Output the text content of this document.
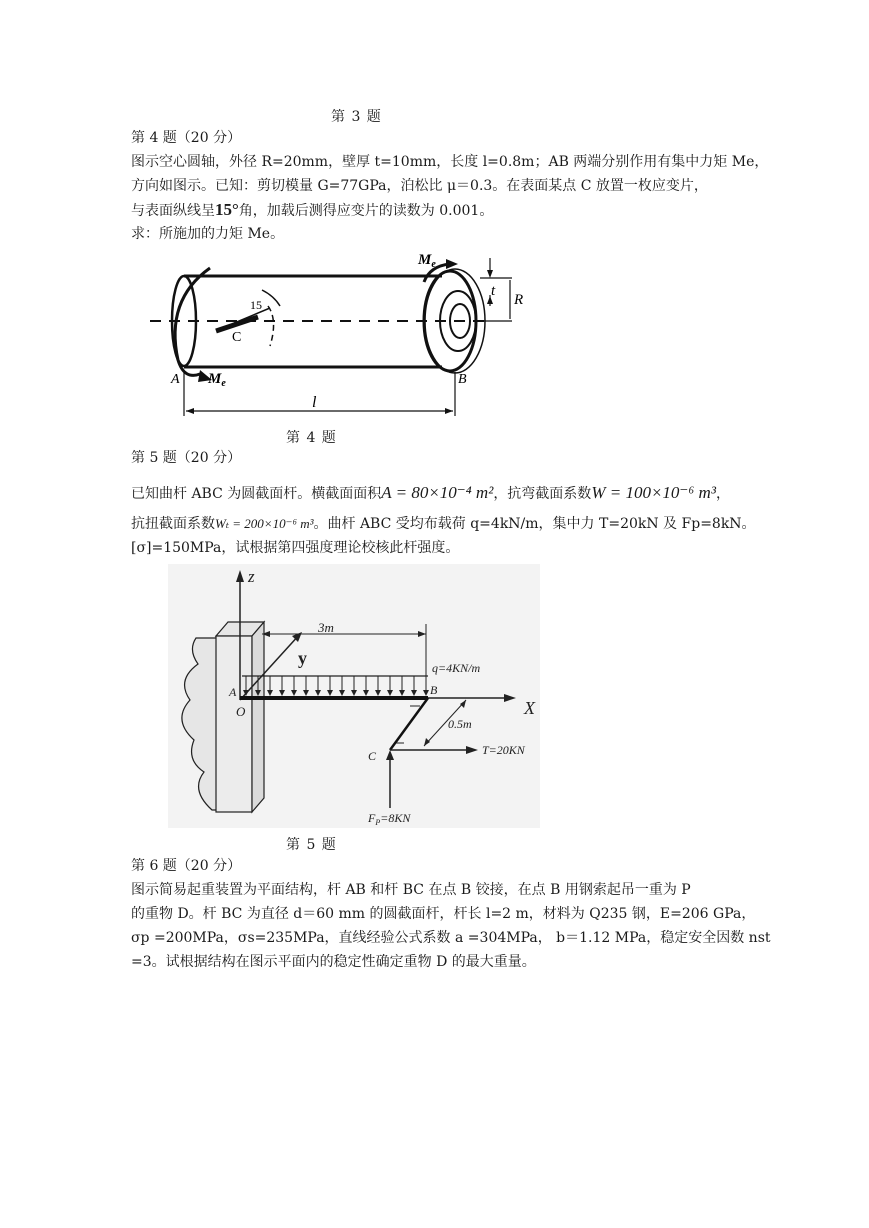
第 3 题
第 4 题（20 分）
图示空心圆轴，外径 R=20mm，壁厚 t=10mm，长度 l=0.8m；AB 两端分别作用有集中力矩 Me，
方向如图示。已知：剪切模量 G=77GPa，泊松比 μ＝0.3。在表面某点 C 放置一枚应变片，
与表面纵线呈15°角，加载后测得应变片的读数为 0.001。
求：所施加的力矩 Me。
$M_e$
t
R
15
C
A $M_e$	B
l
第 4 题
第 5 题（20 分）
已知曲杆 ABC 为圆截面杆。横截面面积A = 80×10⁻⁴ m²，抗弯截面系数W = 100×10⁻⁶ m³，
抗扭截面系数Wₜ = 200×10⁻⁶ m³。曲杆 ABC 受均布载荷 q=4kN/m，集中力 T=20kN 及 Fp=8kN。
[σ]=150MPa，试根据第四强度理论校核此杆强度。
z
y
3m
q=4KN/m
A	B
O	X
0.5m
C	T=20KN
$F_P=8KN$
第 5 题
第 6 题（20 分）
图示简易起重装置为平面结构，杆 AB 和杆 BC 在点 B 铰接，在点 B 用钢索起吊一重为 P
的重物 D。杆 BC 为直径 d＝60 mm 的圆截面杆，杆长 l=2 m，材料为 Q235 钢，E=206 GPa，
σp =200MPa，σs=235MPa，直线经验公式系数 a =304MPa， b＝1.12 MPa，稳定安全因数 nst
=3。试根据结构在图示平面内的稳定性确定重物 D 的最大重量。
